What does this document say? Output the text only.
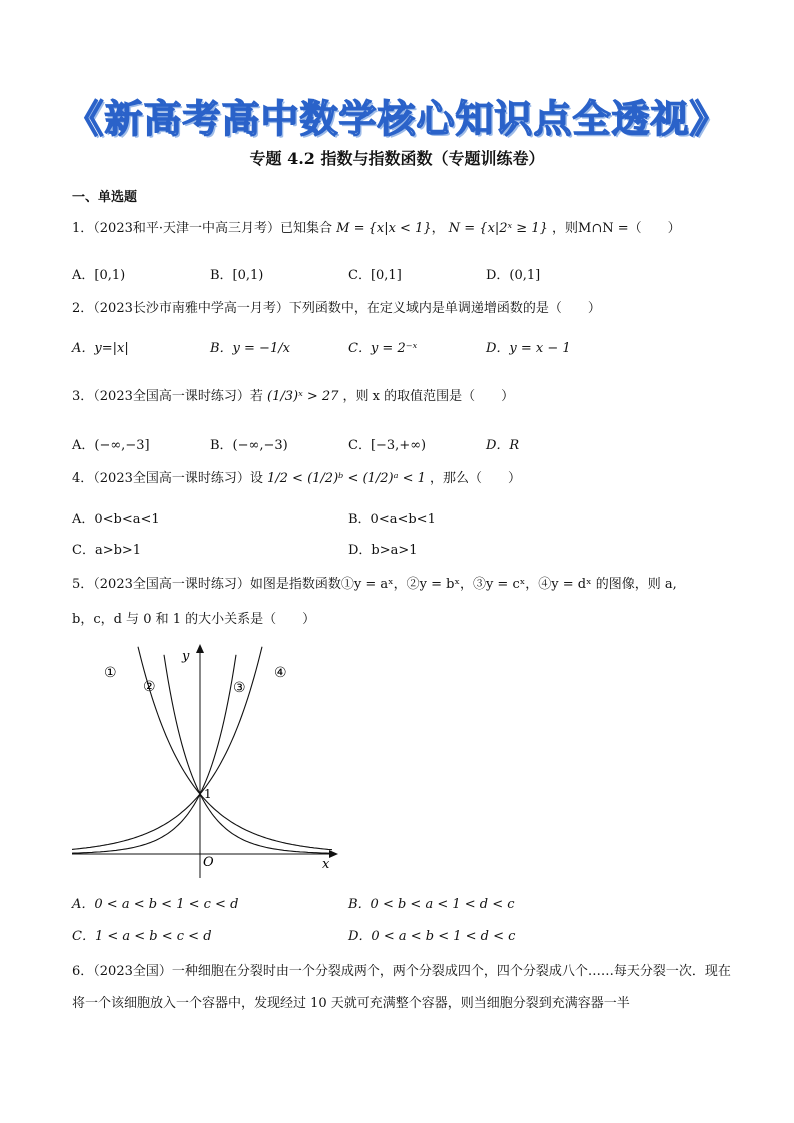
《新高考高中数学核心知识点全透视》
专题 4.2 指数与指数函数（专题训练卷）
一、单选题
1．（2023和平·天津一中高三月考）已知集合 M = {x|x < 1}， N = {x|2ˣ ≥ 1} ，则M∩N =（　　）
A．[0,1)	B．[0,1)	C．[0,1]	D．(0,1]
2．（2023长沙市南雅中学高一月考）下列函数中，在定义域内是单调递增函数的是（　　）
A．y=|x|	B．y = −1/x	C．y = 2⁻ˣ	D．y = x − 1
3．（2023全国高一课时练习）若 (1/3)ˣ > 27 ，则 x 的取值范围是（　　）
A．(−∞,−3]	B．(−∞,−3)	C．[−3,+∞)	D．R
4．（2023全国高一课时练习）设 1/2 < (1/2)ᵇ < (1/2)ᵃ < 1 ，那么（　　）
A．0<b<a<1	B．0<a<b<1
C．a>b>1	D．b>a>1
5．（2023全国高一课时练习）如图是指数函数①y = aˣ，②y = bˣ，③y = cˣ，④y = dˣ 的图像，则 a,
b，c，d 与 0 和 1 的大小关系是（　　）
y
x
O
1
①
②	③
④
A．0 < a < b < 1 < c < d	B．0 < b < a < 1 < d < c
C．1 < a < b < c < d	D．0 < a < b < 1 < d < c
6．（2023全国）一种细胞在分裂时由一个分裂成两个，两个分裂成四个，四个分裂成八个……每天分裂一次．现在将一个该细胞放入一个容器中，发现经过 10 天就可充满整个容器，则当细胞分裂到充满容器一半
